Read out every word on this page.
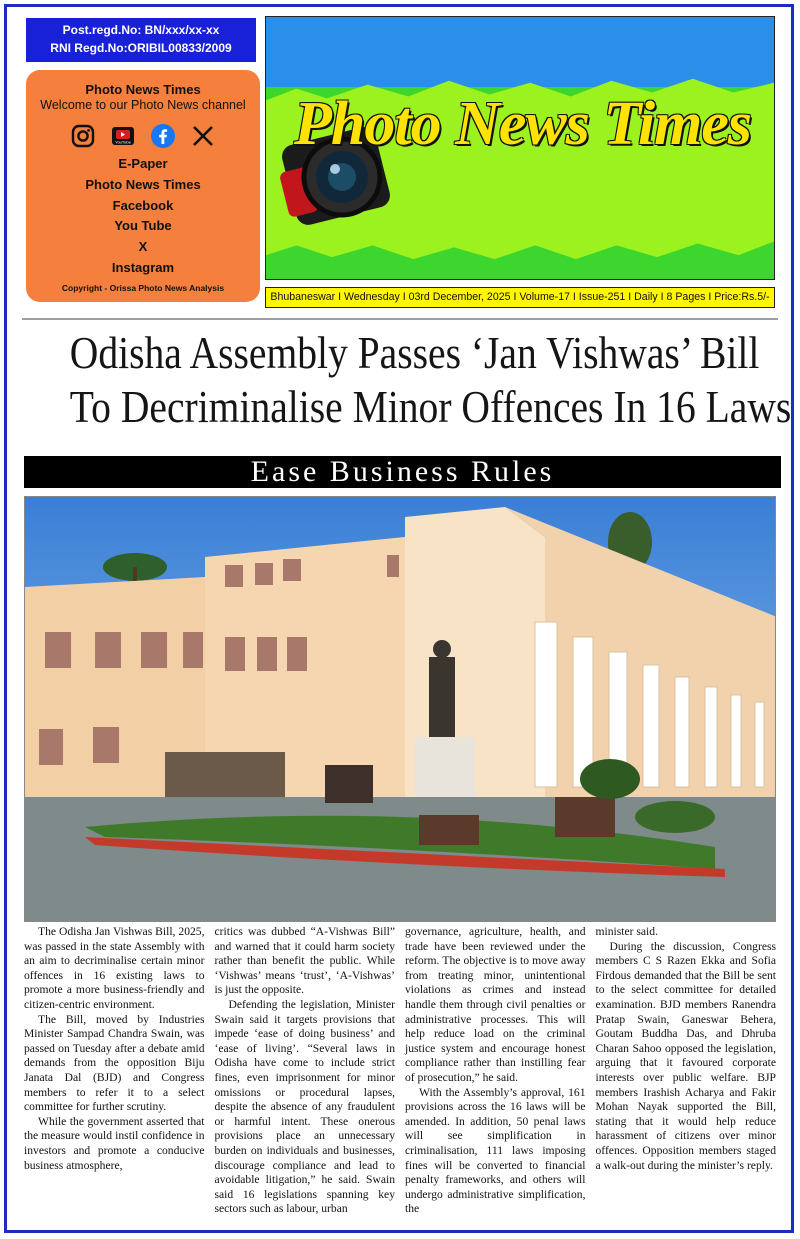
Post.regd.No: BN/xxx/xx-xx
RNI Regd.No:ORIBIL00833/2009
Photo News Times
Welcome to our Photo News channel
YouTube
E-Paper
Photo News Times
Facebook
You Tube
X
Instagram
Copyright - Orissa Photo News Analysis
Photo News Times
Bhubaneswar I Wednesday I 03rd December, 2025 I Volume-17 I Issue-251 I Daily I 8 Pages I Price:Rs.5/-
Odisha Assembly Passes ‘Jan Vishwas’ Bill
To Decriminalise Minor Offences In 16 Laws
Ease Business Rules

The Odisha Jan Vishwas Bill, 2025, was passed in the state Assembly with an aim to decriminalise certain minor offences in 16 existing laws to promote a more business-friendly and citizen-centric environment.

The Bill, moved by Industries Minister Sampad Chandra Swain, was passed on Tuesday after a debate amid demands from the opposition Biju Janata Dal (BJD) and Congress members to refer it to a select committee for further scrutiny.

While the government asserted that the measure would instil confidence in investors and promote a conducive business atmosphere,

critics was dubbed “A-Vishwas Bill” and warned that it could harm society rather than benefit the public. While ‘Vishwas’ means ‘trust’, ‘A-Vishwas’ is just the opposite.

Defending the legislation, Minister Swain said it targets provisions that impede ‘ease of doing business’ and ‘ease of living’. “Several laws in Odisha have come to include strict fines, even imprisonment for minor omissions or procedural lapses, despite the absence of any fraudulent or harmful intent. These onerous provisions place an unnecessary burden on individuals and businesses, discourage compliance and lead to avoidable litigation,” he said. Swain said 16 legislations spanning key sectors such as labour, urban

governance, agriculture, health, and trade have been reviewed under the reform. The objective is to move away from treating minor, unintentional violations as crimes and instead handle them through civil penalties or administrative processes. This will help reduce load on the criminal justice system and encourage honest compliance rather than instilling fear of prosecution,” he said.

With the Assembly’s approval, 161 provisions across the 16 laws will be amended. In addition, 50 penal laws will see simplification in criminalisation, 111 laws imposing fines will be converted to financial penalty frameworks, and others will undergo administrative simplification, the

minister said.

During the discussion, Congress members C S Razen Ekka and Sofia Firdous demanded that the Bill be sent to the select committee for detailed examination. BJD members Ranendra Pratap Swain, Ganeswar Behera, Goutam Buddha Das, and Dhruba Charan Sahoo opposed the legislation, arguing that it favoured corporate interests over public welfare. BJP members Irashish Acharya and Fakir Mohan Nayak supported the Bill, stating that it would help reduce harassment of citizens over minor offences. Opposition members staged a walk-out during the minister’s reply.
